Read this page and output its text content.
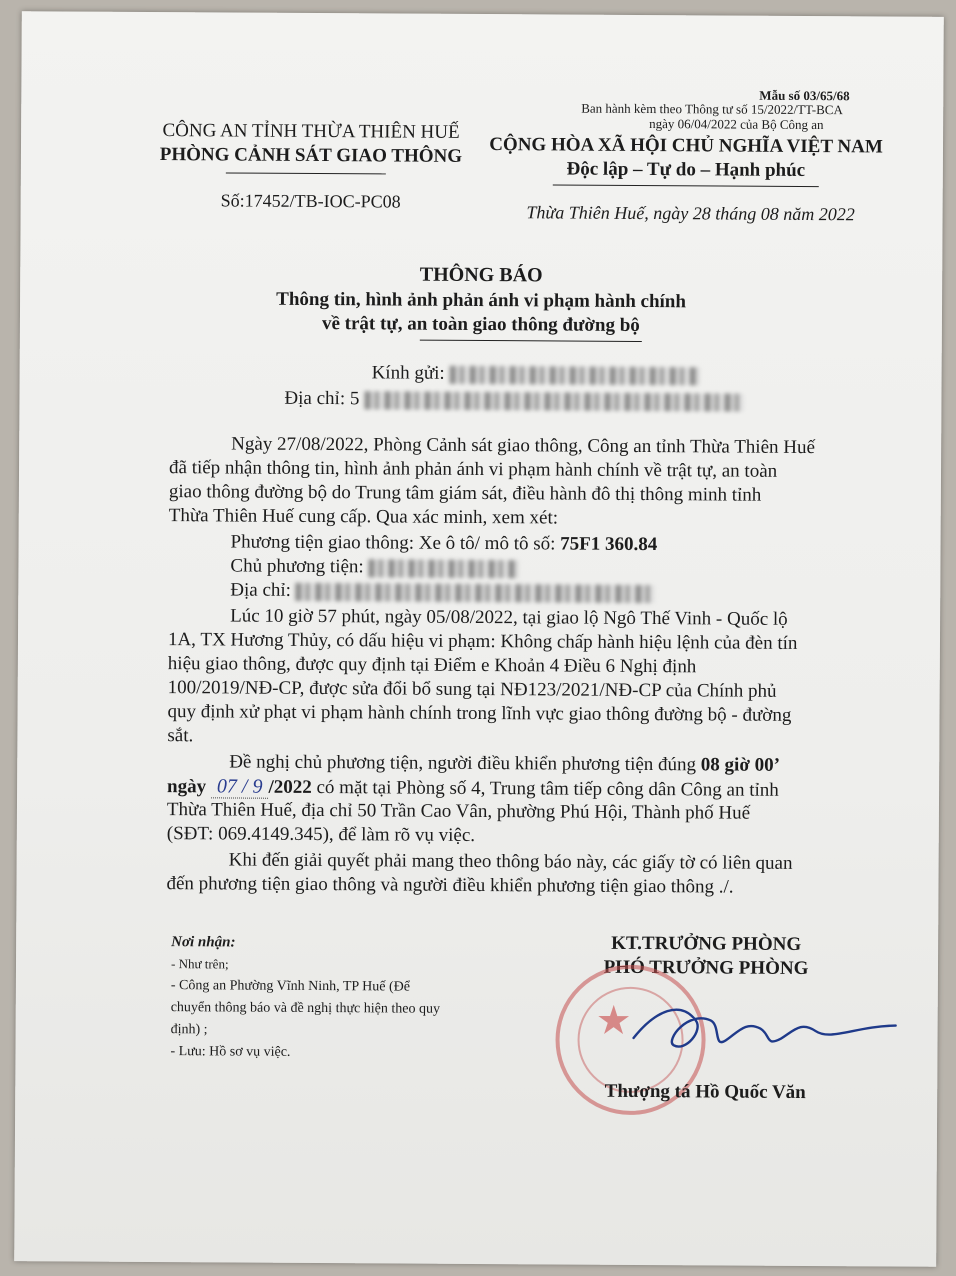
Mẫu số 03/65/68
Ban hành kèm theo Thông tư số 15/2022/TT-BCA
ngày 06/04/2022 của Bộ Công an
CÔNG AN TỈNH THỪA THIÊN HUẾ
PHÒNG CẢNH SÁT GIAO THÔNG
Số:17452/TB-IOC-PC08
CỘNG HÒA XÃ HỘI CHỦ NGHĨA VIỆT NAM
Độc lập – Tự do – Hạnh phúc
Thừa Thiên Huế, ngày 28 tháng 08 năm 2022
THÔNG BÁO
Thông tin, hình ảnh phản ánh vi phạm hành chính
về trật tự, an toàn giao thông đường bộ
Kính gửi:
Địa chỉ: 5
Ngày 27/08/2022, Phòng Cảnh sát giao thông, Công an tỉnh Thừa Thiên Huế
đã tiếp nhận thông tin, hình ảnh phản ánh vi phạm hành chính về trật tự, an toàn
giao thông đường bộ do Trung tâm giám sát, điều hành đô thị thông minh tỉnh
Thừa Thiên Huế cung cấp. Qua xác minh, xem xét:
Phương tiện giao thông: Xe ô tô/ mô tô số: 75F1 360.84
Chủ phương tiện:
Địa chỉ:
Lúc 10 giờ 57 phút, ngày 05/08/2022, tại giao lộ Ngô Thế Vinh - Quốc lộ
1A, TX Hương Thủy, có dấu hiệu vi phạm: Không chấp hành hiệu lệnh của đèn tín
hiệu giao thông, được quy định tại Điểm e Khoản 4 Điều 6 Nghị định
100/2019/NĐ-CP, được sửa đổi bổ sung tại NĐ123/2021/NĐ-CP của Chính phủ
quy định xử phạt vi phạm hành chính trong lĩnh vực giao thông đường bộ - đường
sắt.
Đề nghị chủ phương tiện, người điều khiển phương tiện đúng 08 giờ 00’
ngày 07 / 9 /2022 có mặt tại Phòng số 4, Trung tâm tiếp công dân Công an tỉnh
Thừa Thiên Huế, địa chỉ 50 Trần Cao Vân, phường Phú Hội, Thành phố Huế
(SĐT: 069.4149.345), để làm rõ vụ việc.
Khi đến giải quyết phải mang theo thông báo này, các giấy tờ có liên quan
đến phương tiện giao thông và người điều khiển phương tiện giao thông ./.
Nơi nhận:
- Như trên;
- Công an Phường Vĩnh Ninh, TP Huế (Để
chuyển thông báo và đề nghị thực hiện theo quy
định) ;
- Lưu: Hồ sơ vụ việc.
KT.TRƯỞNG PHÒNG
PHÓ TRƯỞNG PHÒNG
★
Thượng tá Hồ Quốc Văn
